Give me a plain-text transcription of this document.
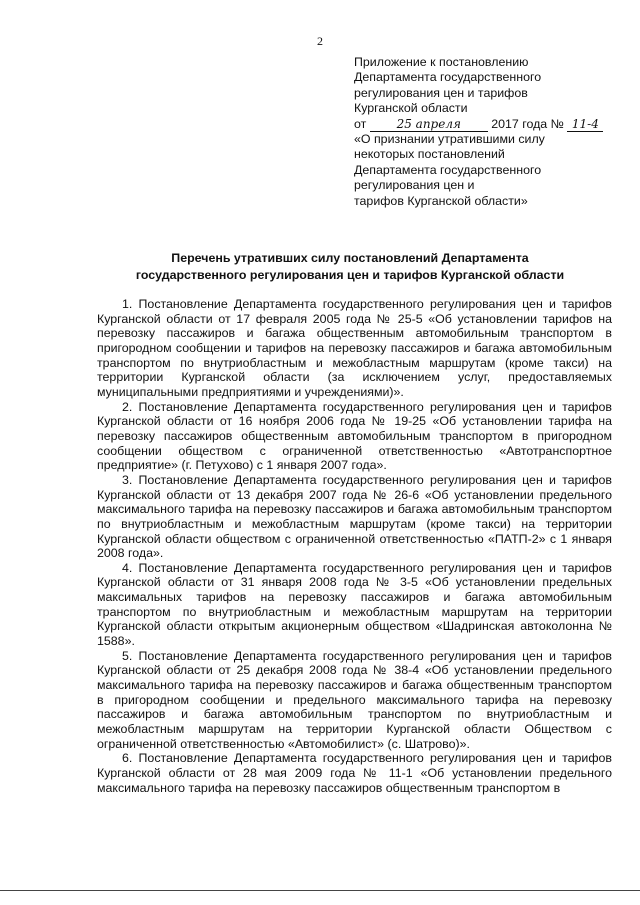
2
Приложение к постановлению
Департамента государственного
регулирования цен и тарифов
Курганской области
от	25 апреля 2017 года № 11-4
«О признании утратившими силу
некоторых постановлений
Департамента государственного
регулирования цен и
тарифов Курганской области»
Перечень утративших силу постановлений Департамента
государственного регулирования цен и тарифов Курганской области

1. Постановление Департамента государственного регулирования цен и тарифов Курганской области от 17 февраля 2005 года № 25-5 «Об установлении тарифов на перевозку пассажиров и багажа общественным автомобильным транспортом в пригородном сообщении и тарифов на перевозку пассажиров и багажа автомобильным транспортом по внутриобластным и межобластным маршрутам (кроме такси) на территории Курганской области (за исключением услуг, предоставляемых муниципальными предприятиями и учреждениями)».

2. Постановление Департамента государственного регулирования цен и тарифов Курганской области от 16 ноября 2006 года № 19-25 «Об установлении тарифа на перевозку пассажиров общественным автомобильным транспортом в пригородном сообщении обществом с ограниченной ответственностью «Автотранспортное предприятие» (г. Петухово) с 1 января 2007 года».

3. Постановление Департамента государственного регулирования цен и тарифов Курганской области от 13 декабря 2007 года № 26-6 «Об установлении предельного максимального тарифа на перевозку пассажиров и багажа автомобильным транспортом по внутриобластным и межобластным маршрутам (кроме такси) на территории Курганской области обществом с ограниченной ответственностью «ПАТП-2» с 1 января 2008 года».

4. Постановление Департамента государственного регулирования цен и тарифов Курганской области от 31 января 2008 года № 3-5 «Об установлении предельных максимальных тарифов на перевозку пассажиров и багажа автомобильным транспортом по внутриобластным и межобластным маршрутам на территории Курганской области открытым акционерным обществом «Шадринская автоколонна № 1588».

5. Постановление Департамента государственного регулирования цен и тарифов Курганской области от 25 декабря 2008 года № 38-4 «Об установлении предельного максимального тарифа на перевозку пассажиров и багажа общественным транспортом в пригородном сообщении и предельного максимального тарифа на перевозку пассажиров и багажа автомобильным транспортом по внутриобластным и межобластным маршрутам на территории Курганской области Обществом с ограниченной ответственностью «Автомобилист» (с. Шатрово)».

6. Постановление Департамента государственного регулирования цен и тарифов Курганской области от 28 мая 2009 года № 11-1 «Об установлении предельного максимального тарифа на перевозку пассажиров общественным транспортом в
